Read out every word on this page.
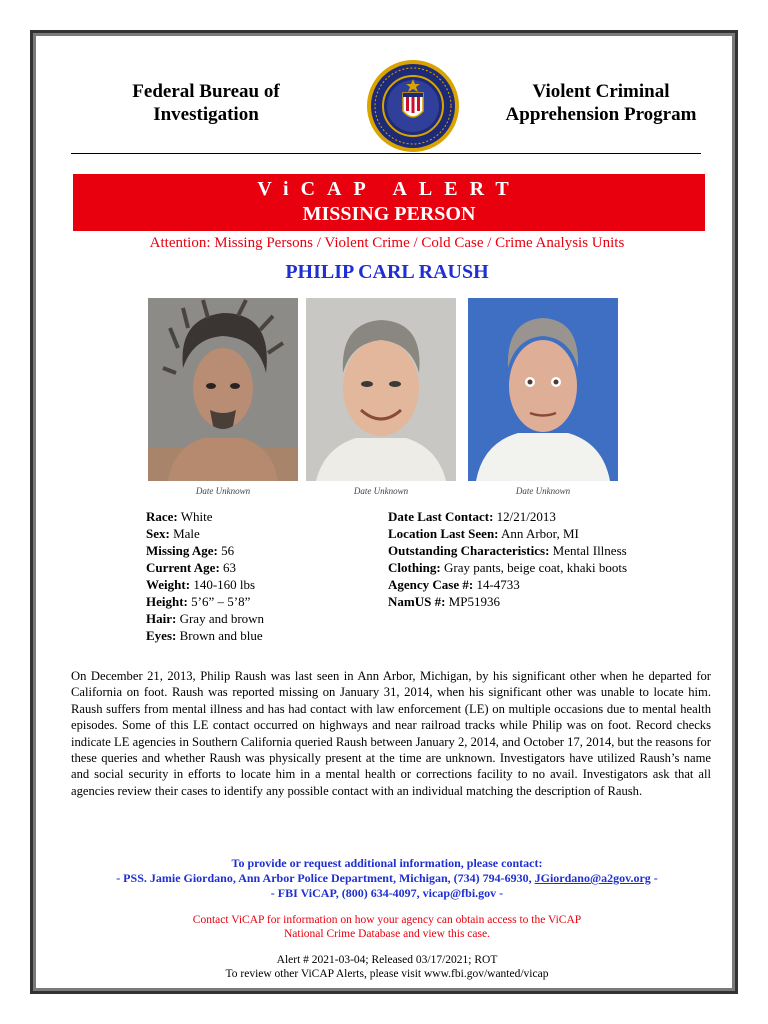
Federal Bureau of
Investigation
Violent Criminal
Apprehension Program
ViCAP ALERT
MISSING PERSON
Attention: Missing Persons / Violent Crime / Cold Case / Crime Analysis Units
PHILIP CARL RAUSH
Date Unknown	Date Unknown	Date Unknown
Race: White
Sex: Male
Missing Age: 56
Current Age: 63
Weight: 140-160 lbs
Height: 5’6” – 5’8”
Hair: Gray and brown
Eyes: Brown and blue
Date Last Contact: 12/21/2013
Location Last Seen: Ann Arbor, MI
Outstanding Characteristics: Mental Illness
Clothing: Gray pants, beige coat, khaki boots
Agency Case #: 14-4733
NamUS #: MP51936
On December 21, 2013, Philip Raush was last seen in Ann Arbor, Michigan, by his significant other when he departed for California on foot. Raush was reported missing on January 31, 2014, when his significant other was unable to locate him. Raush suffers from mental illness and has had contact with law enforcement (LE) on multiple occasions due to mental health episodes. Some of this LE contact occurred on highways and near railroad tracks while Philip was on foot. Record checks indicate LE agencies in Southern California queried Raush between January 2, 2014, and October 17, 2014, but the reasons for these queries and whether Raush was physically present at the time are unknown. Investigators have utilized Raush’s name and social security in efforts to locate him in a mental health or corrections facility to no avail. Investigators ask that all agencies review their cases to identify any possible contact with an individual matching the description of Raush.
To provide or request additional information, please contact:
- PSS. Jamie Giordano, Ann Arbor Police Department, Michigan, (734) 794-6930, JGiordano@a2gov.org -
- FBI ViCAP, (800) 634-4097, vicap@fbi.gov -
Contact ViCAP for information on how your agency can obtain access to the ViCAP
National Crime Database and view this case.
Alert # 2021-03-04; Released 03/17/2021; ROT
To review other ViCAP Alerts, please visit www.fbi.gov/wanted/vicap
